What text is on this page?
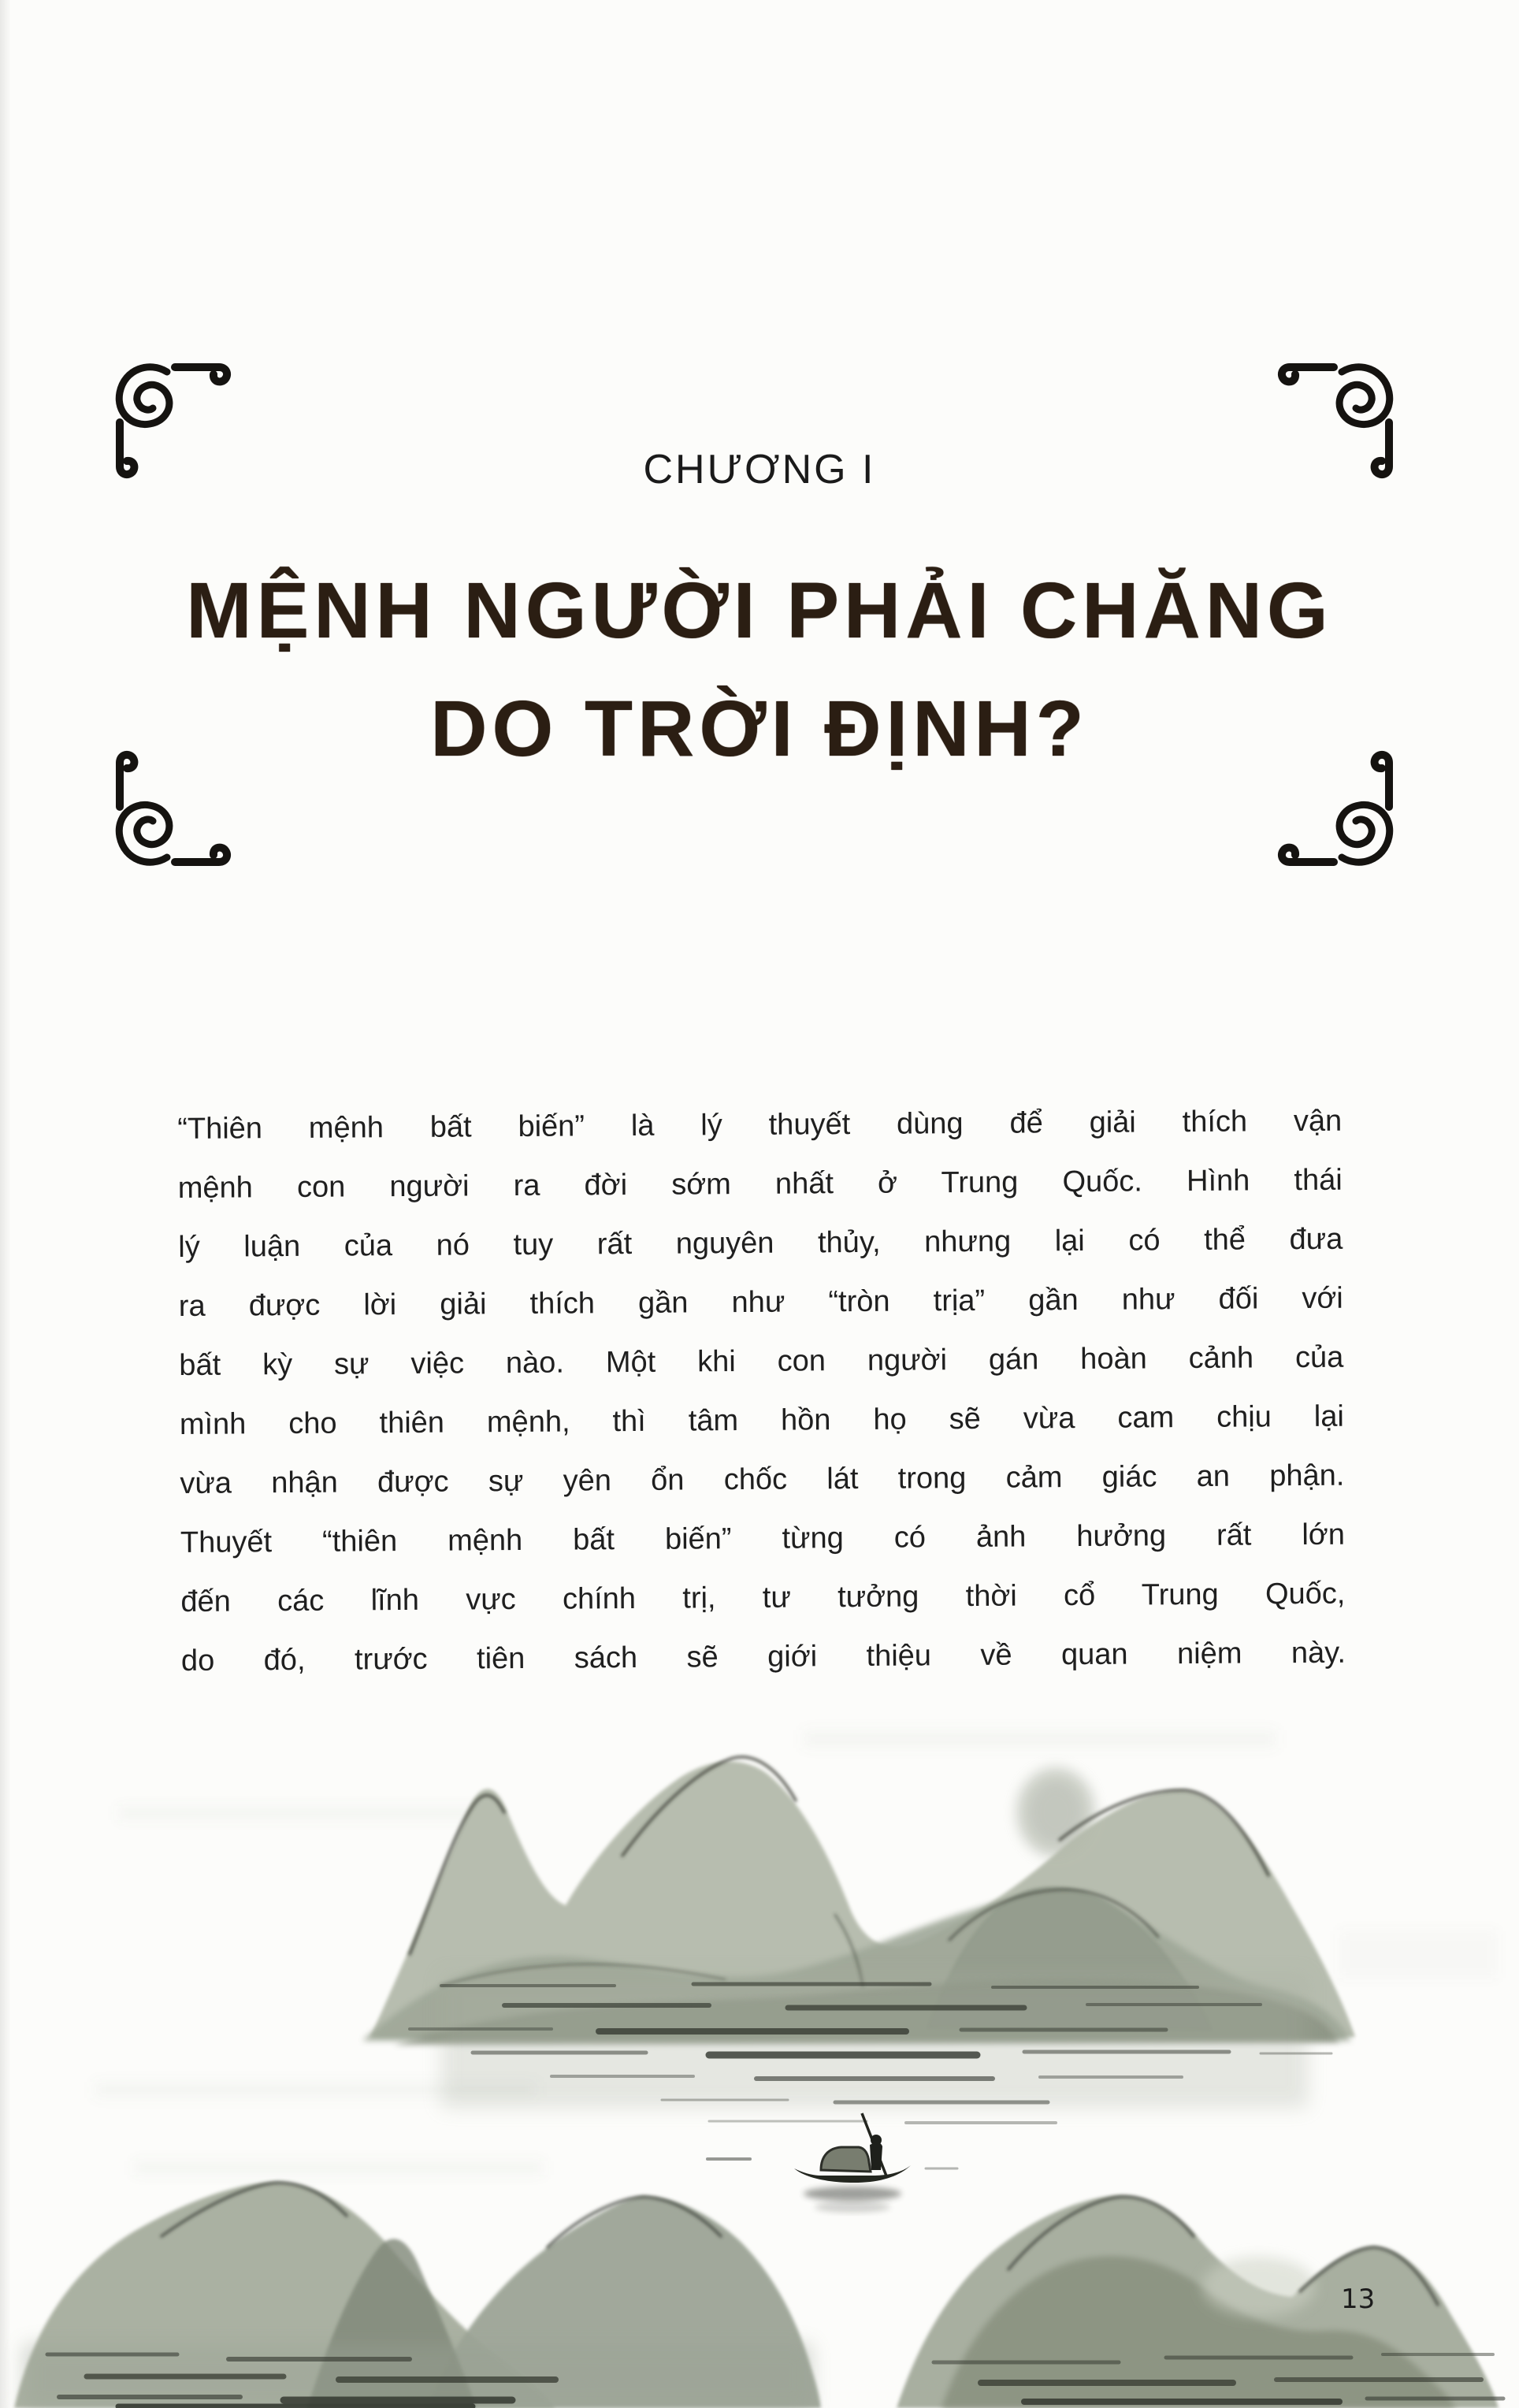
CHƯƠNG I
MỆNH NGƯỜI PHẢI CHĂNG
DO TRỜI ĐỊNH?
“Thiên mệnh bất biến” là lý thuyết dùng để giải thích vận
mệnh con người ra đời sớm nhất ở Trung Quốc. Hình thái
lý luận của nó tuy rất nguyên thủy, nhưng lại có thể đưa
ra được lời giải thích gần như “tròn trịa” gần như đối với
bất kỳ sự việc nào. Một khi con người gán hoàn cảnh của
mình cho thiên mệnh, thì tâm hồn họ sẽ vừa cam chịu lại
vừa nhận được sự yên ổn chốc lát trong cảm giác an phận.
Thuyết “thiên mệnh bất biến” từng có ảnh hưởng rất lớn
đến các lĩnh vực chính trị, tư tưởng thời cổ Trung Quốc,
do đó, trước tiên sách sẽ giới thiệu về quan niệm này.
13
